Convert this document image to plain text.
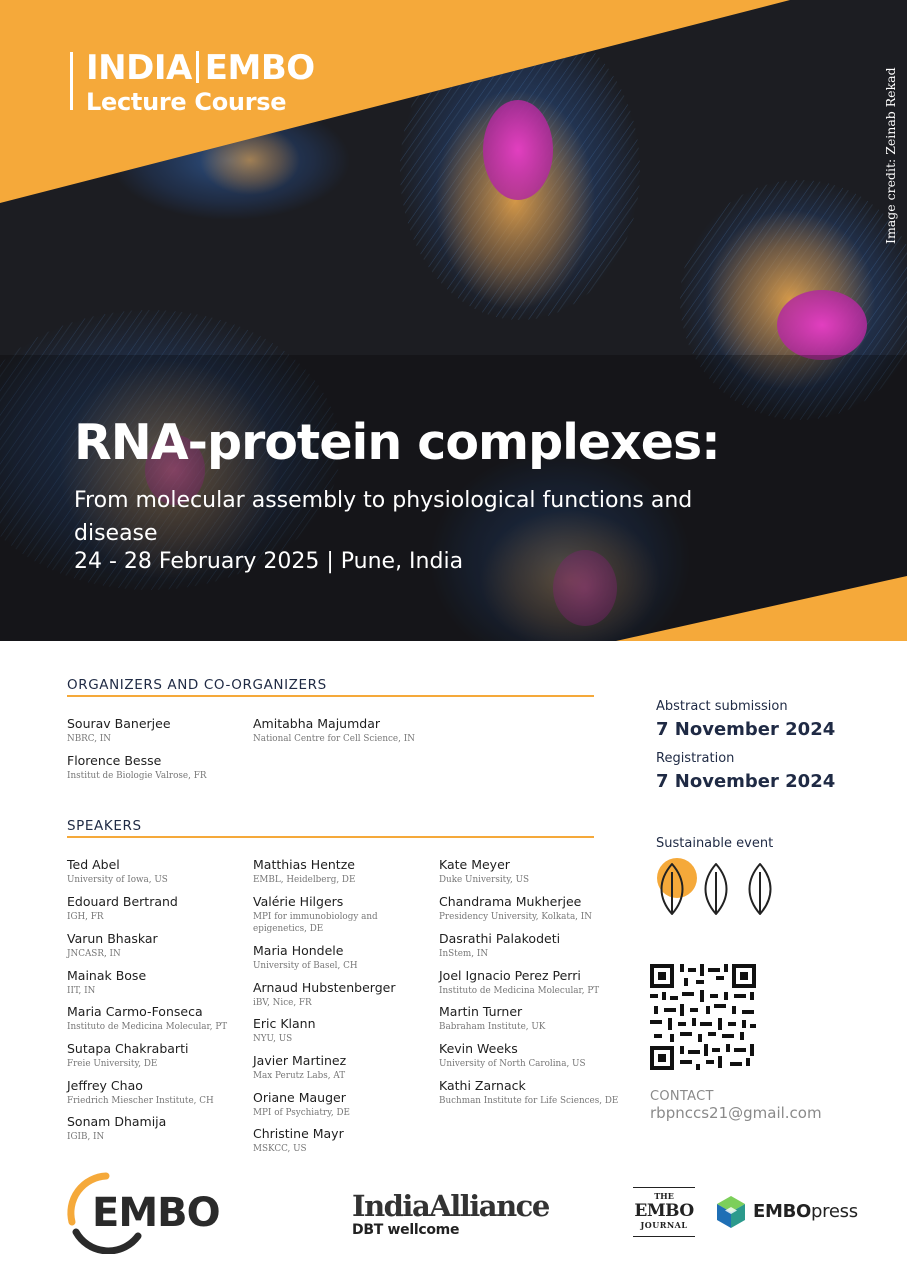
INDIA EMBO
Lecture Course	Image credit: Zeinab Rekad
RNA-protein complexes:
From molecular assembly to physiological functions and disease
24 - 28 February 2025 | Pune, India
ORGANIZERS AND CO-ORGANIZERS
Sourav Banerjee
NBRC, IN
Florence Besse
Institut de Biologie Valrose, FR
Amitabha Majumdar
National Centre for Cell Science, IN
SPEAKERS
Ted Abel
University of Iowa, US
Edouard Bertrand
IGH, FR
Varun Bhaskar
JNCASR, IN
Mainak Bose
IIT, IN
Maria Carmo-Fonseca
Instituto de Medicina Molecular, PT
Sutapa Chakrabarti
Freie University, DE
Jeffrey Chao
Friedrich Miescher Institute, CH
Sonam Dhamija
IGIB, IN
Matthias Hentze
EMBL, Heidelberg, DE
Valérie Hilgers
MPI for immunobiology and epigenetics, DE
Maria Hondele
University of Basel, CH
Arnaud Hubstenberger
iBV, Nice, FR
Eric Klann
NYU, US
Javier Martinez
Max Perutz Labs, AT
Oriane Mauger
MPI of Psychiatry, DE
Christine Mayr
MSKCC, US
Kate Meyer
Duke University, US
Chandrama Mukherjee
Presidency University, Kolkata, IN
Dasrathi Palakodeti
InStem, IN
Joel Ignacio Perez Perri
Instituto de Medicina Molecular, PT
Martin Turner
Babraham Institute, UK
Kevin Weeks
University of North Carolina, US
Kathi Zarnack
Buchman Institute for Life Sciences, DE
Abstract submission
7 November 2024
Registration
7 November 2024
Sustainable event
CONTACT
rbpnccs21@gmail.com
EMBO	IndiaAlliance
DBT wellcome
THE
EMBO
JOURNAL
EMBOpress
